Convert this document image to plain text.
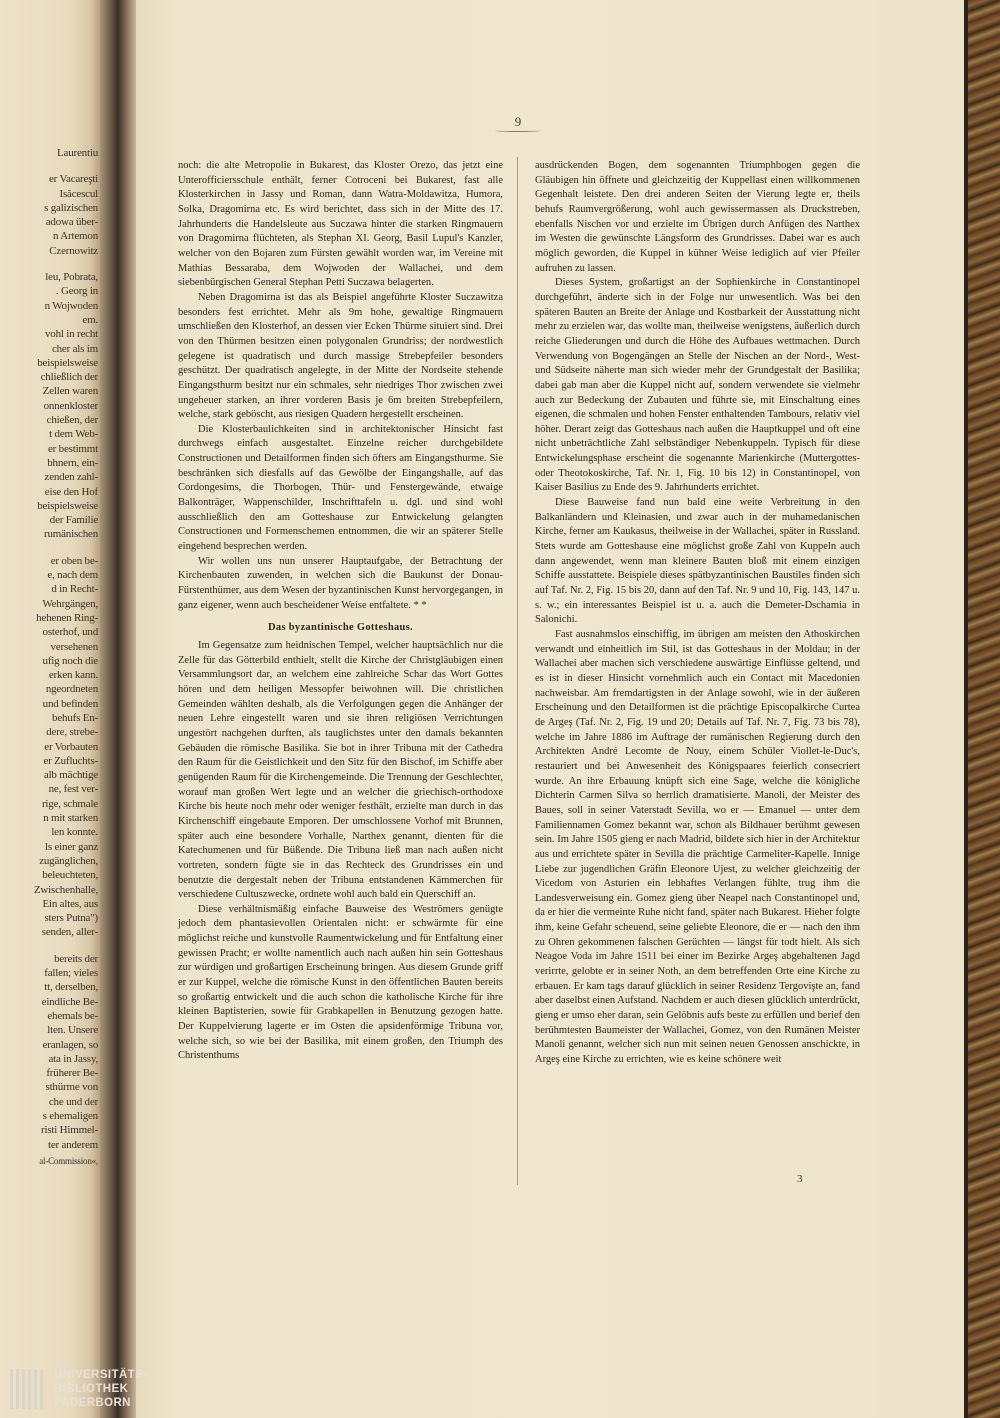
Laurentiu
er Vacareşti
Isăcescul
s galizischen
adowa über-
n Artemon
Czernowitz
leu, Pobrata,
. Georg in
n Wojwoden
em.
vohl in recht
cher als im
beispielsweise
chließlich der
Zellen waren
onnenkloster
chießen, der
t dem Web-
er bestimmt
bhnern, ein-
zenden zahl-
eise den Hof
beispielsweise
der Familie
rumänischen
er oben be-
e, nach dem
d in Recht-
Wehrgängen,
hehenen Ring-
osterhof, und
versehenen
ufig noch die
erken kann.
ngeordneten
und befinden
behufs En-
dere, strebe-
er Vorbauten
er Zufluchts-
alb mächtige
ne, fest ver-
rige, schmale
n mit starken
len konnte.
ls einer ganz
zugänglichen,
beleuchteten,
Zwischenhalle,
Ein altes, aus
sters Putna")
senden, aller-
bereits der
fallen; vieles
tt, derselben,
eindliche Be-
ehemals be-
lten. Unsere
eranlagen, so
ata in Jassy,
früherer Be-
sthürme von
che und der
s ehemaligen
risti Himmel-
ter anderem
al-Commission«,
9

noch: die alte Metropolie in Bukarest, das Kloster Orezo, das jetzt eine Unterofficiersschule enthält, ferner Cotroceni bei Bukarest, fast alle Klosterkirchen in Jassy und Roman, dann Watra-Moldawitza, Humora, Solka, Dragomirna etc. Es wird berichtet, dass sich in der Mitte des 17. Jahrhunderts die Handelsleute aus Suczawa hinter die starken Ringmauern von Dragomirna flüchteten, als Stephan XI. Georg, Basil Lupul's Kanzler, welcher von den Bojaren zum Fürsten gewählt worden war, im Vereine mit Mathias Bessaraba, dem Wojwoden der Wallachei, und dem siebenbürgischen General Stephan Petti Suczawa belagerten.

Neben Dragomirna ist das als Beispiel angeführte Kloster Suczawitza besonders fest errichtet. Mehr als 9m hohe, gewaltige Ringmauern umschließen den Klosterhof, an dessen vier Ecken Thürme situiert sind. Drei von den Thürmen besitzen einen polygonalen Grundriss; der nordwestlich gelegene ist quadratisch und durch massige Strebepfeiler besonders geschützt. Der quadratisch angelegte, in der Mitte der Nordseite stehende Eingangsthurm besitzt nur ein schmales, sehr niedriges Thor zwischen zwei ungeheuer starken, an ihrer vorderen Basis je 6m breiten Strebepfeilern, welche, stark geböscht, aus riesigen Quadern hergestellt erscheinen.

Die Klosterbaulichkeiten sind in architektonischer Hinsicht fast durchwegs einfach ausgestaltet. Einzelne reicher durchgebildete Constructionen und Detailformen finden sich öfters am Eingangsthurme. Sie beschränken sich diesfalls auf das Gewölbe der Eingangshalle, auf das Cordongesims, die Thorbogen, Thür- und Fenstergewände, etwaige Balkonträger, Wappenschilder, Inschrifttafeln u. dgl. und sind wohl ausschließlich den am Gotteshause zur Entwickelung gelangten Constructionen und Formenschemen entnommen, die wir an späterer Stelle eingehend besprechen werden.

Wir wollen uns nun unserer Hauptaufgabe, der Betrachtung der Kirchenbauten zuwenden, in welchen sich die Baukunst der Donau-Fürstenthümer, aus dem Wesen der byzantinischen Kunst hervorgegangen, in ganz eigener, wenn auch bescheidener Weise entfaltete. * *

Das byzantinische Gotteshaus.

Im Gegensatze zum heidnischen Tempel, welcher hauptsächlich nur die Zelle für das Götterbild enthielt, stellt die Kirche der Christgläubigen einen Versammlungsort dar, an welchem eine zahlreiche Schar das Wort Gottes hören und dem heiligen Messopfer beiwohnen will. Die christlichen Gemeinden wählten deshalb, als die Verfolgungen gegen die Anhänger der neuen Lehre eingestellt waren und sie ihren religiösen Verrichtungen ungestört nachgehen durften, als tauglichstes unter den damals bekannten Gebäuden die römische Basilika. Sie bot in ihrer Tribuna mit der Cathedra den Raum für die Geistlichkeit und den Sitz für den Bischof, im Schiffe aber genügenden Raum für die Kirchengemeinde. Die Trennung der Geschlechter, worauf man großen Wert legte und an welcher die griechisch-orthodoxe Kirche bis heute noch mehr oder weniger festhält, erzielte man durch in das Kirchenschiff eingebaute Emporen. Der umschlossene Vorhof mit Brunnen, später auch eine besondere Vorhalle, Narthex genannt, dienten für die Katechumenen und für Büßende. Die Tribuna ließ man nach außen nicht vortreten, sondern fügte sie in das Rechteck des Grundrisses ein und benutzte die dergestalt neben der Tribuna entstandenen Kämmerchen für verschiedene Cultuszwecke, ordnete wohl auch bald ein Querschiff an.

Diese verhältnismäßig einfache Bauweise des Weströmers genügte jedoch dem phantasievollen Orientalen nicht: er schwärmte für eine möglichst reiche und kunstvolle Raumentwickelung und für Entfaltung einer gewissen Pracht; er wollte namentlich auch nach außen hin sein Gotteshaus zur würdigen und großartigen Erscheinung bringen. Aus diesem Grunde griff er zur Kuppel, welche die römische Kunst in den öffentlichen Bauten bereits so großartig entwickelt und die auch schon die katholische Kirche für ihre kleinen Baptisterien, sowie für Grabkapellen in Benutzung gezogen hatte. Der Kuppelvierung lagerte er im Osten die apsidenförmige Tribuna vor, welche sich, so wie bei der Basilika, mit einem großen, den Triumph des Christenthums

ausdrückenden Bogen, dem sogenannten Triumphbogen gegen die Gläubigen hin öffnete und gleichzeitig der Kuppellast einen willkommenen Gegenhalt leistete. Den drei anderen Seiten der Vierung legte er, theils behufs Raumvergrößerung, wohl auch gewissermassen als Druckstreben, ebenfalls Nischen vor und erzielte im Übrigen durch Anfügen des Narthex im Westen die gewünschte Längsform des Grundrisses. Dabei war es auch möglich geworden, die Kuppel in kühner Weise lediglich auf vier Pfeiler aufruhen zu lassen.

Dieses System, großartigst an der Sophienkirche in Constantinopel durchgeführt, änderte sich in der Folge nur unwesentlich. Was bei den späteren Bauten an Breite der Anlage und Kostbarkeit der Ausstattung nicht mehr zu erzielen war, das wollte man, theilweise wenigstens, äußerlich durch reiche Gliederungen und durch die Höhe des Aufbaues wettmachen. Durch Verwendung von Bogengängen an Stelle der Nischen an der Nord-, West- und Südseite näherte man sich wieder mehr der Grundgestalt der Basilika; dabei gab man aber die Kuppel nicht auf, sondern verwendete sie vielmehr auch zur Bedeckung der Zubauten und führte sie, mit Einschaltung eines eigenen, die schmalen und hohen Fenster enthaltenden Tambours, relativ viel höher. Derart zeigt das Gotteshaus nach außen die Hauptkuppel und oft eine nicht unbeträchtliche Zahl selbständiger Nebenkuppeln. Typisch für diese Entwickelungsphase erscheint die sogenannte Marienkirche (Muttergottes- oder Theotokoskirche, Taf. Nr. 1, Fig. 10 bis 12) in Constantinopel, von Kaiser Basilius zu Ende des 9. Jahrhunderts errichtet.

Diese Bauweise fand nun bald eine weite Verbreitung in den Balkanländern und Kleinasien, und zwar auch in der muhamedanischen Kirche, ferner am Kaukasus, theilweise in der Wallachei, später in Russland. Stets wurde am Gotteshause eine möglichst große Zahl von Kuppeln auch dann angewendet, wenn man kleinere Bauten bloß mit einem einzigen Schiffe ausstattete. Beispiele dieses spätbyzantinischen Baustiles finden sich auf Taf. Nr. 2, Fig. 15 bis 20, dann auf den Taf. Nr. 9 und 10, Fig. 143, 147 u. s. w.; ein interessantes Beispiel ist u. a. auch die Demeter-Dschamia in Salonichi.

Fast ausnahmslos einschiffig, im übrigen am meisten den Athoskirchen verwandt und einheitlich im Stil, ist das Gotteshaus in der Moldau; in der Wallachei aber machen sich verschiedene auswärtige Einflüsse geltend, und es ist in dieser Hinsicht vornehmlich auch ein Contact mit Macedonien nachweisbar. Am fremdartigsten in der Anlage sowohl, wie in der äußeren Erscheinung und den Detailformen ist die prächtige Episcopalkirche Curtea de Argeş (Taf. Nr. 2, Fig. 19 und 20; Details auf Taf. Nr. 7, Fig. 73 bis 78), welche im Jahre 1886 im Auftrage der rumänischen Regierung durch den Architekten André Lecomte de Nouy, einem Schüler Viollet-le-Duc's, restauriert und bei Anwesenheit des Königspaares feierlich consecriert wurde. An ihre Erbauung knüpft sich eine Sage, welche die königliche Dichterin Carmen Silva so herrlich dramatisierte. Manoli, der Meister des Baues, soll in seiner Vaterstadt Sevilla, wo er — Emanuel — unter dem Familiennamen Gomez bekannt war, schon als Bildhauer berühmt gewesen sein. Im Jahre 1505 gieng er nach Madrid, bildete sich hier in der Architektur aus und errichtete später in Sevilla die prächtige Carmeliter-Kapelle. Innige Liebe zur jugendlichen Gräfin Eleonore Ujest, zu welcher gleichzeitig der Vicedom von Asturien ein lebhaftes Verlangen fühlte, trug ihm die Landesverweisung ein. Gomez gieng über Neapel nach Constantinopel und, da er hier die vermeinte Ruhe nicht fand, später nach Bukarest. Hieher folgte ihm, keine Gefahr scheuend, seine geliebte Eleonore, die er — nach den ihm zu Ohren gekommenen falschen Gerüchten — längst für todt hielt. Als sich Neagoe Voda im Jahre 1511 bei einer im Bezirke Argeş abgehaltenen Jagd verirrte, gelobte er in seiner Noth, an dem betreffenden Orte eine Kirche zu erbauen. Er kam tags darauf glücklich in seiner Residenz Tergovişte an, fand aber daselbst einen Aufstand. Nachdem er auch diesen glücklich unterdrückt, gieng er umso eher daran, sein Gelöbnis aufs beste zu erfüllen und berief den berühmtesten Baumeister der Wallachei, Gomez, von den Rumänen Meister Manoli genannt, welcher sich nun mit seinen neuen Genossen anschickte, in Argeş eine Kirche zu errichten, wie es keine schönere weit

3
UNIVERSITÄTS-
BIBLIOTHEK
PADERBORN
